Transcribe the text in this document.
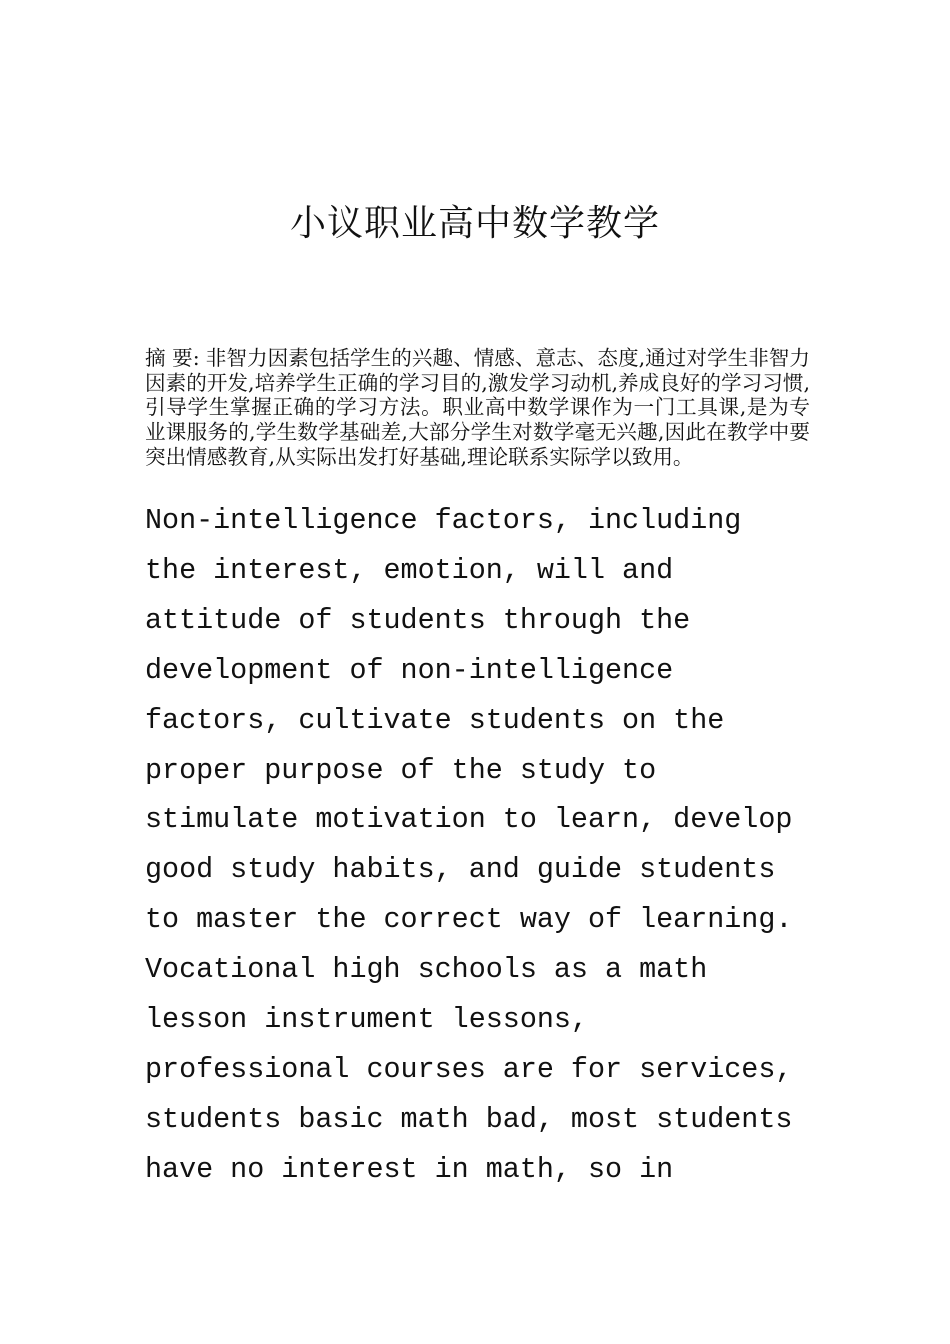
小议职业高中数学教学

摘 要: 非智力因素包括学生的兴趣、情感、意志、态度,通过对学生非智力因素的开发,培养学生正确的学习目的,激发学习动机,养成良好的学习习惯,引导学生掌握正确的学习方法。职业高中数学课作为一门工具课,是为专业课服务的,学生数学基础差,大部分学生对数学毫无兴趣,因此在教学中要突出情感教育,从实际出发打好基础,理论联系实际学以致用。

Non-intelligence factors, including
the interest, emotion, will and
attitude of students through the
development of non-intelligence
factors, cultivate students on the
proper purpose of the study to
stimulate motivation to learn, develop
good study habits, and guide students
to master the correct way of learning.
Vocational high schools as a math
lesson instrument lessons,
professional courses are for services,
students basic math bad, most students
have no interest in math, so in
